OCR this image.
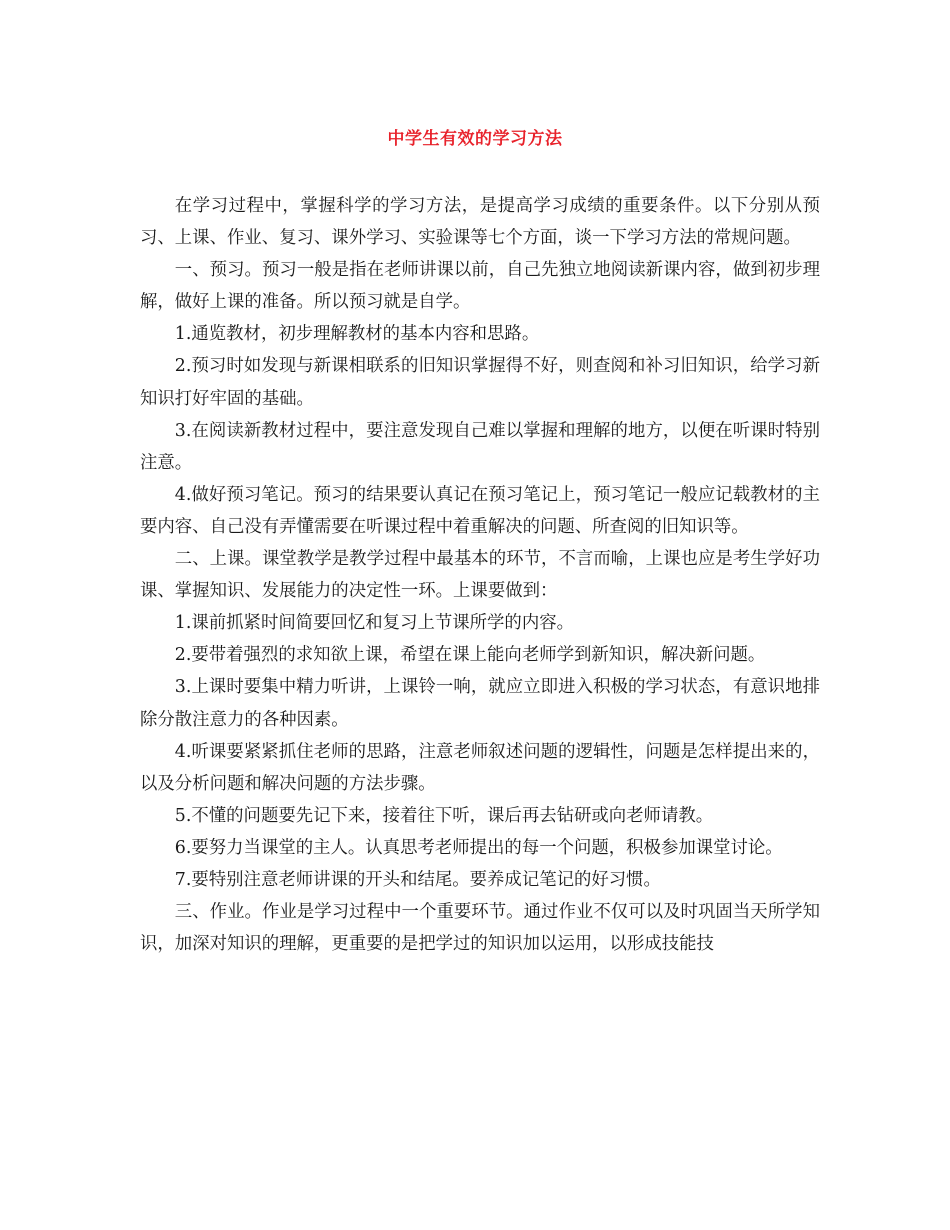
中学生有效的学习方法

在学习过程中，掌握科学的学习方法，是提高学习成绩的重要条件。以下分别从预习、上课、作业、复习、课外学习、实验课等七个方面，谈一下学习方法的常规问题。

一、预习。预习一般是指在老师讲课以前，自己先独立地阅读新课内容，做到初步理解，做好上课的准备。所以预习就是自学。

1.通览教材，初步理解教材的基本内容和思路。

2.预习时如发现与新课相联系的旧知识掌握得不好，则查阅和补习旧知识，给学习新知识打好牢固的基础。

3.在阅读新教材过程中，要注意发现自己难以掌握和理解的地方，以便在听课时特别注意。

4.做好预习笔记。预习的结果要认真记在预习笔记上，预习笔记一般应记载教材的主要内容、自己没有弄懂需要在听课过程中着重解决的问题、所查阅的旧知识等。

二、上课。课堂教学是教学过程中最基本的环节，不言而喻，上课也应是考生学好功课、掌握知识、发展能力的决定性一环。上课要做到：

1.课前抓紧时间简要回忆和复习上节课所学的内容。

2.要带着强烈的求知欲上课，希望在课上能向老师学到新知识，解决新问题。

3.上课时要集中精力听讲，上课铃一响，就应立即进入积极的学习状态，有意识地排除分散注意力的各种因素。

4.听课要紧紧抓住老师的思路，注意老师叙述问题的逻辑性，问题是怎样提出来的，以及分析问题和解决问题的方法步骤。

5.不懂的问题要先记下来，接着往下听，课后再去钻研或向老师请教。

6.要努力当课堂的主人。认真思考老师提出的每一个问题，积极参加课堂讨论。

7.要特别注意老师讲课的开头和结尾。要养成记笔记的好习惯。

三、作业。作业是学习过程中一个重要环节。通过作业不仅可以及时巩固当天所学知识，加深对知识的理解，更重要的是把学过的知识加以运用，以形成技能技
